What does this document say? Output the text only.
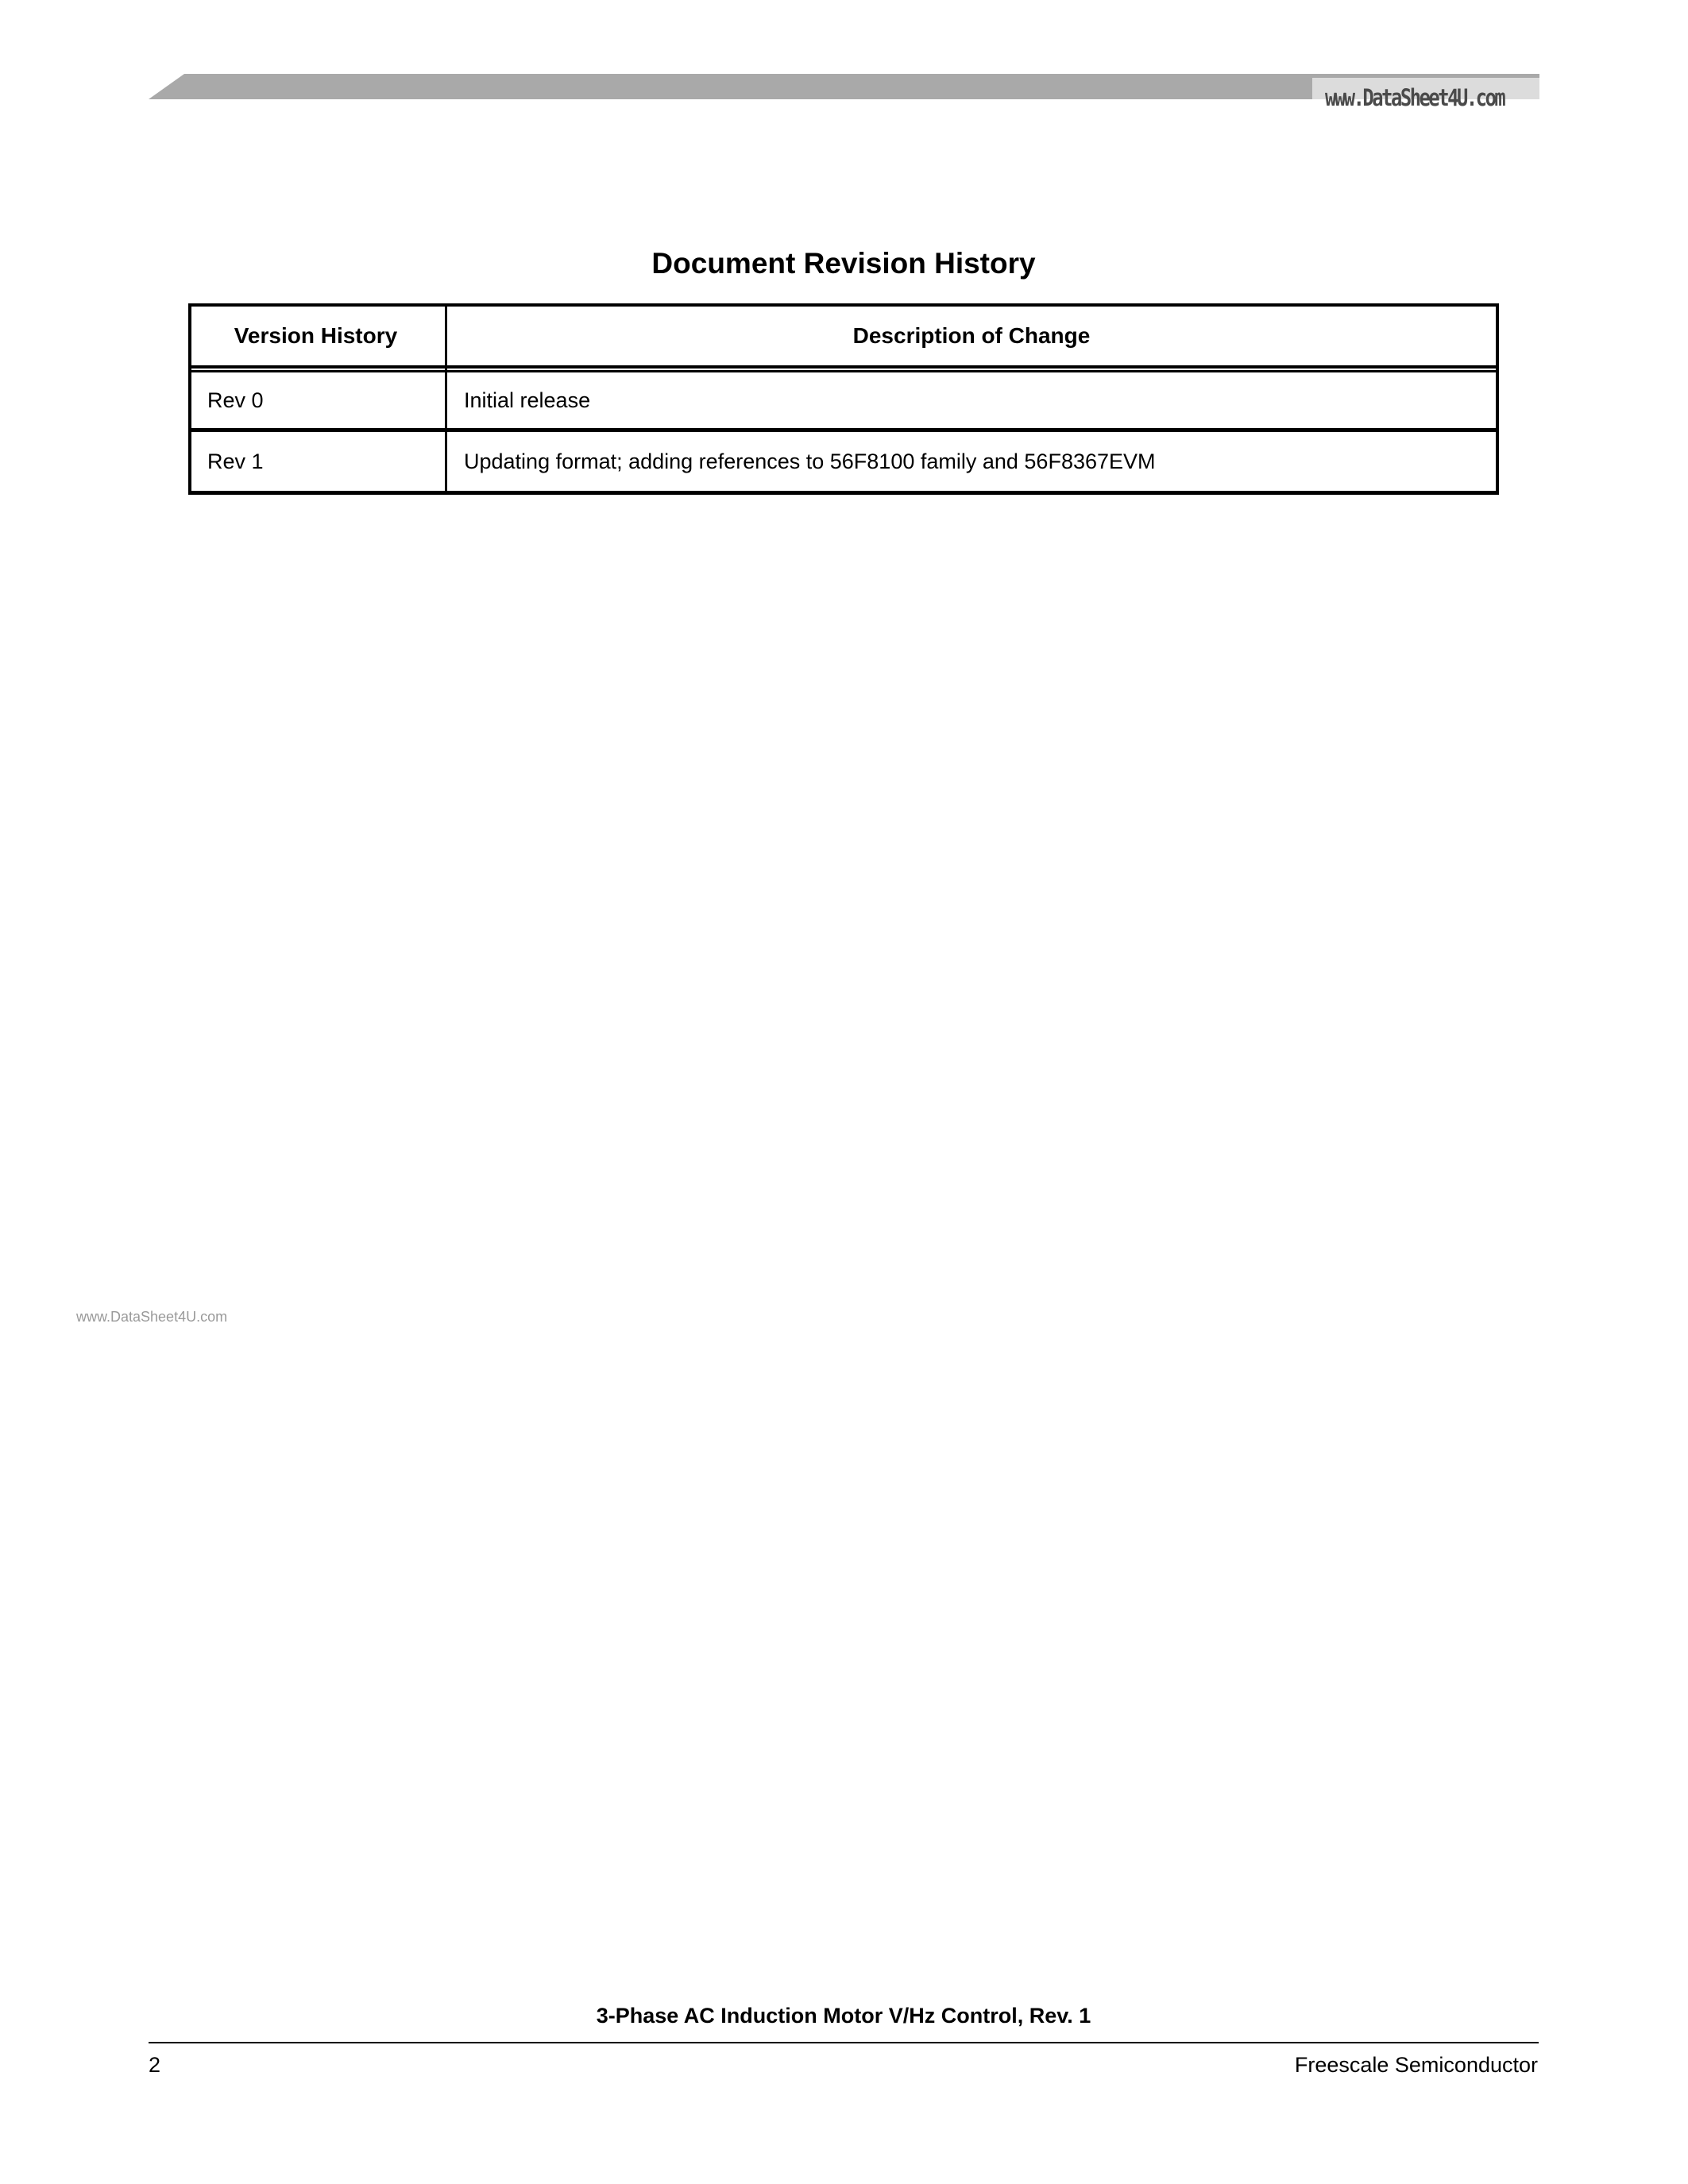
www.DataSheet4U.com
Document Revision History
Version History	Description of Change
Rev 0	Initial release
Rev 1	Updating format; adding references to 56F8100 family and 56F8367EVM
www.DataSheet4U.com
3-Phase AC Induction Motor V/Hz Control, Rev. 1
2	Freescale Semiconductor
